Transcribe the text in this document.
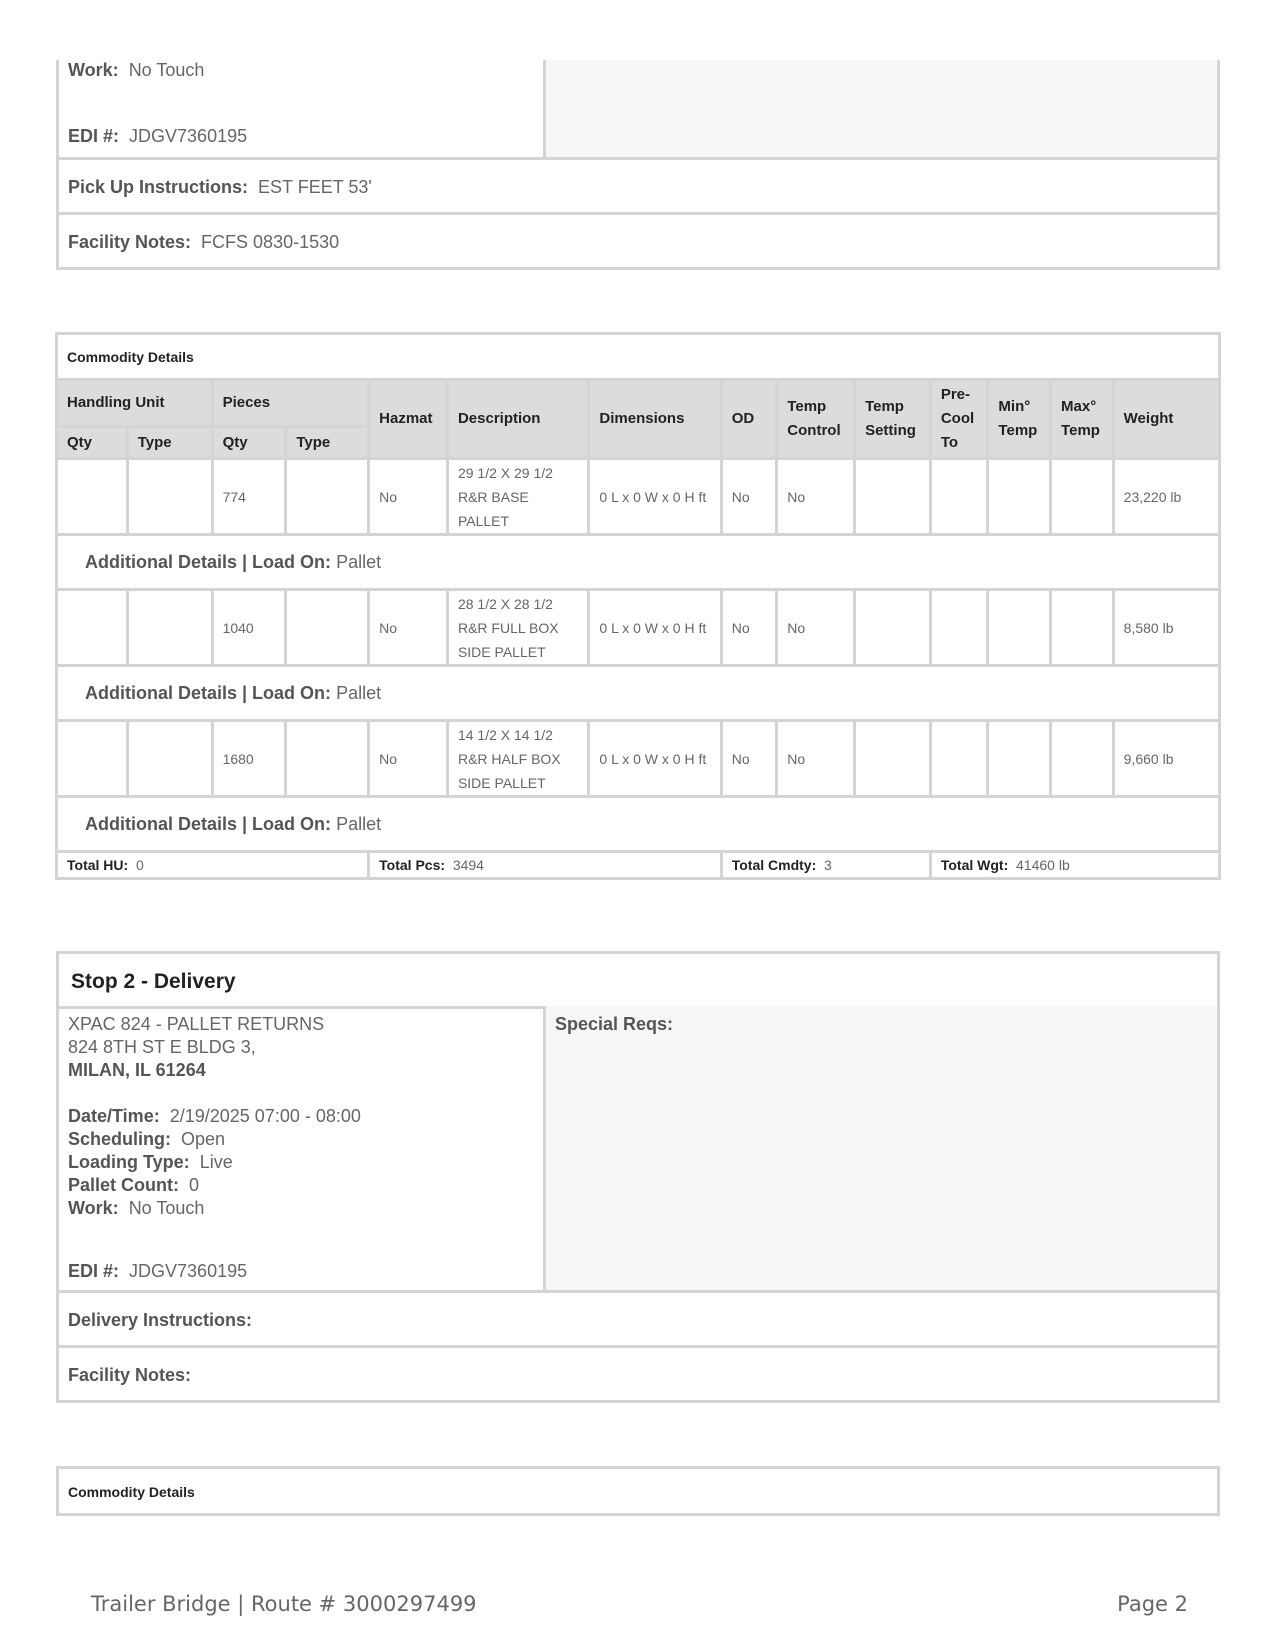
Work: No Touch
EDI #: JDGV7360195
Pick Up Instructions: EST FEET 53'
Facility Notes: FCFS 0830-1530
Commodity Details													
Handling Unit		Pieces		Hazmat	Description	Dimensions	OD	Temp Control	Temp Setting	Pre-Cool To	Min° Temp	Max° Temp	Weight
Qty	Type	Qty	Type										
		774		No	29 1/2 X 29 1/2 R&R BASE PALLET	0 L x 0 W x 0 H ft	No	No					23,220 lb
Additional Details | Load On: Pallet													
		1040		No	28 1/2 X 28 1/2 R&R FULL BOX SIDE PALLET	0 L x 0 W x 0 H ft	No	No					8,580 lb
Additional Details | Load On: Pallet													
		1680		No	14 1/2 X 14 1/2 R&R HALF BOX SIDE PALLET	0 L x 0 W x 0 H ft	No	No					9,660 lb
Additional Details | Load On: Pallet													
Total HU: 0				Total Pcs: 3494			Total Cmdty: 3			Total Wgt: 41460 lb			
Stop 2 - Delivery
XPAC 824 - PALLET RETURNS
824 8TH ST E BLDG 3,
MILAN, IL 61264
Date/Time: 2/19/2025 07:00 - 08:00
Scheduling: Open
Loading Type: Live
Pallet Count: 0
Work: No Touch
EDI #: JDGV7360195
Special Reqs:
Delivery Instructions:
Facility Notes:
Commodity Details
Trailer Bridge | Route # 3000297499	Page 2
